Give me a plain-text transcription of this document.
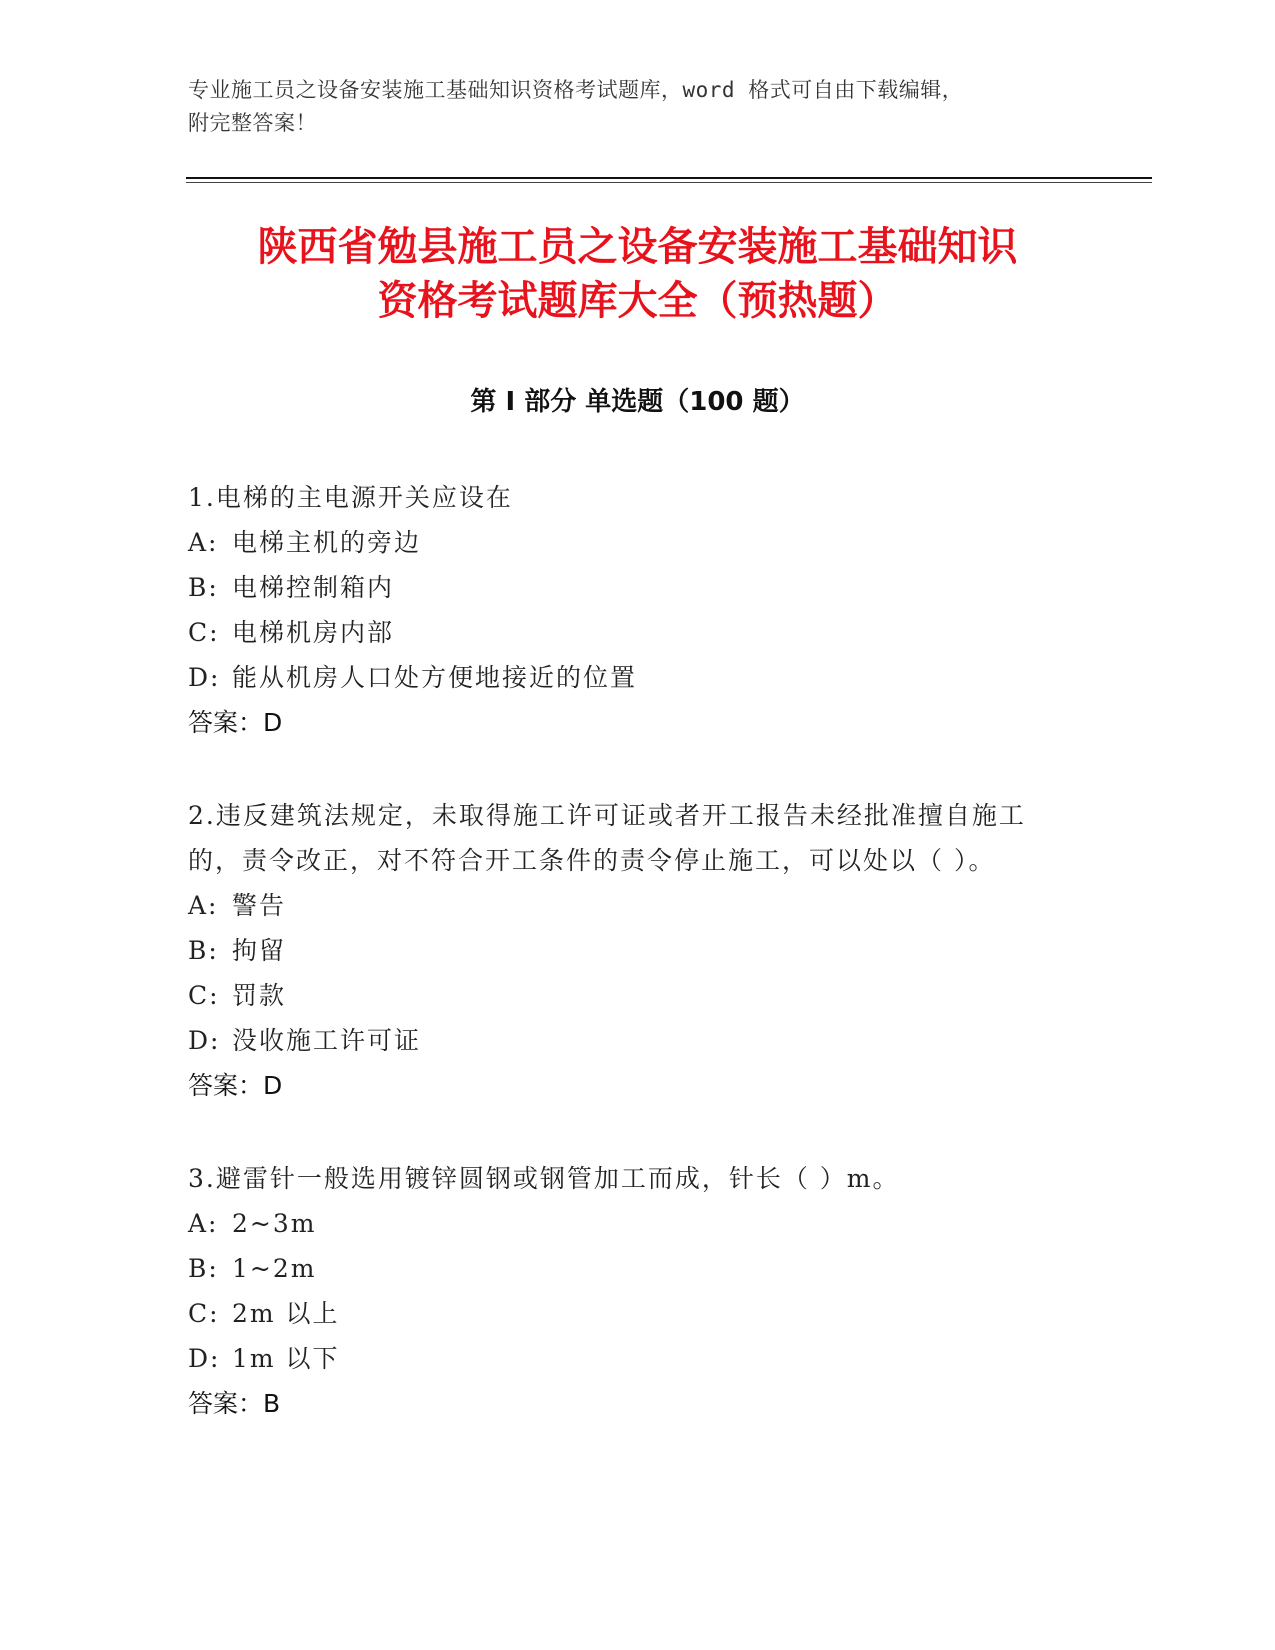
专业施工员之设备安装施工基础知识资格考试题库，word 格式可自由下载编辑，
附完整答案！
陕西省勉县施工员之设备安装施工基础知识
资格考试题库大全（预热题）
第 I 部分 单选题（100 题）

1.电梯的主电源开关应设在

A: 电梯主机的旁边
B: 电梯控制箱内
C: 电梯机房内部
D: 能从机房人口处方便地接近的位置
答案：D

2.违反建筑法规定，未取得施工许可证或者开工报告未经批准擅自施工的，责令改正，对不符合开工条件的责令停止施工，可以处以（ ）。

A: 警告
B: 拘留
C: 罚款
D: 没收施工许可证
答案：D

3.避雷针一般选用镀锌圆钢或钢管加工而成，针长（ ）m。

A: 2~3m
B: 1~2m
C: 2m 以上
D: 1m 以下
答案：B
